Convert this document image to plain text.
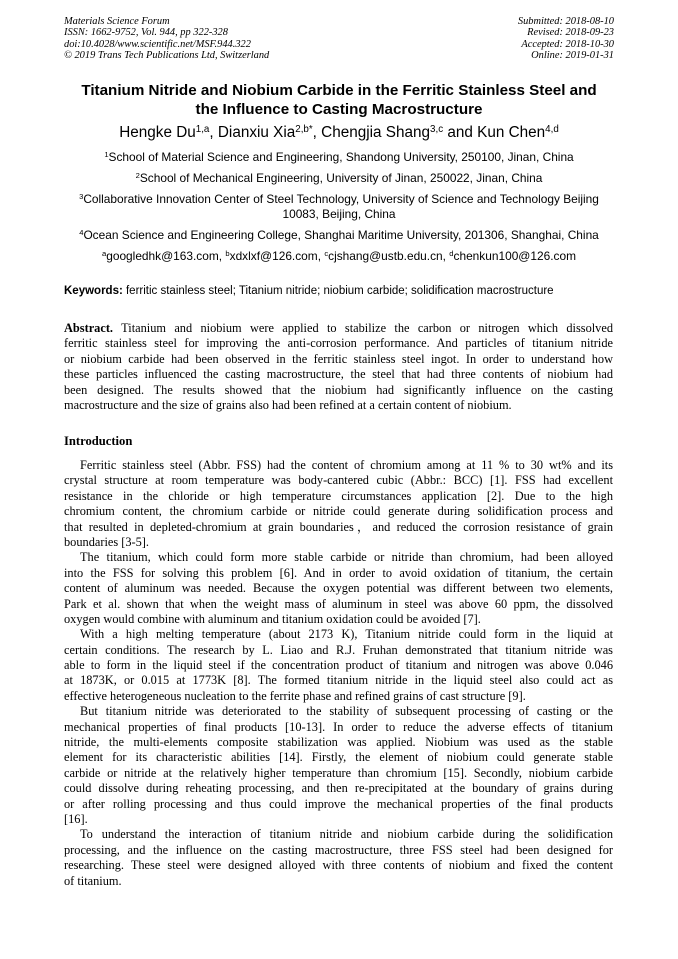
Materials Science Forum
ISSN: 1662-9752, Vol. 944, pp 322-328
doi:10.4028/www.scientific.net/MSF.944.322
© 2019 Trans Tech Publications Ltd, Switzerland
Submitted: 2018-08-10
Revised: 2018-09-23
Accepted: 2018-10-30
Online: 2019-01-31
Titanium Nitride and Niobium Carbide in the Ferritic Stainless Steel and
the Influence to Casting Macrostructure
Hengke Du$^{1,a}$, Dianxiu Xia$^{2,b*}$, Chengjia Shang$^{3,c}$ and Kun Chen$^{4,d}$
$^1$School of Material Science and Engineering, Shandong University, 250100, Jinan, China
$^2$School of Mechanical Engineering, University of Jinan, 250022, Jinan, China
$^3$Collaborative Innovation Center of Steel Technology, University of Science and Technology Beijing
10083, Beijing, China
$^4$Ocean Science and Engineering College, Shanghai Maritime University, 201306, Shanghai, China
$^a$googledhk@163.com, $^b$xdxlxf@126.com, $^c$cjshang@ustb.edu.cn, $^d$chenkun100@126.com
Keywords: ferritic stainless steel; Titanium nitride; niobium carbide; solidification macrostructure
Abstract. Titanium and niobium were applied to stabilize the carbon or nitrogen which dissolved
ferritic stainless steel for improving the anti-corrosion performance. And particles of titanium nitride
or niobium carbide had been observed in the ferritic stainless steel ingot. In order to understand how
these particles influenced the casting macrostructure, the steel that had three contents of niobium had
been designed. The results showed that the niobium had significantly influence on the casting
macrostructure and the size of grains also had been refined at a certain content of niobium.
Introduction
Ferritic stainless steel (Abbr. FSS) had the content of chromium among at 11 % to 30 wt% and its
crystal structure at room temperature was body-cantered cubic (Abbr.: BCC) [1]. FSS had excellent
resistance in the chloride or high temperature circumstances application [2]. Due to the high
chromium content, the chromium carbide or nitride could generate during solidification process and
that resulted in depleted-chromium at grain boundaries，and reduced the corrosion resistance of grain
boundaries [3-5].
The titanium, which could form more stable carbide or nitride than chromium, had been alloyed
into the FSS for solving this problem [6]. And in order to avoid oxidation of titanium, the certain
content of aluminum was needed. Because the oxygen potential was different between two elements,
Park et al. shown that when the weight mass of aluminum in steel was above 60 ppm, the dissolved
oxygen would combine with aluminum and titanium oxidation could be avoided [7].
With a high melting temperature (about 2173 K), Titanium nitride could form in the liquid at
certain conditions. The research by L. Liao and R.J. Fruhan demonstrated that titanium nitride was
able to form in the liquid steel if the concentration product of titanium and nitrogen was above 0.046
at 1873K, or 0.015 at 1773K [8]. The formed titanium nitride in the liquid steel also could act as
effective heterogeneous nucleation to the ferrite phase and refined grains of cast structure [9].
But titanium nitride was deteriorated to the stability of subsequent processing of casting or the
mechanical properties of final products [10-13]. In order to reduce the adverse effects of titanium
nitride, the multi-elements composite stabilization was applied. Niobium was used as the stable
element for its characteristic abilities [14]. Firstly, the element of niobium could generate stable
carbide or nitride at the relatively higher temperature than chromium [15]. Secondly, niobium carbide
could dissolve during reheating processing, and then re-precipitated at the boundary of grains during
or after rolling processing and thus could improve the mechanical properties of the final products
[16].
To understand the interaction of titanium nitride and niobium carbide during the solidification
processing, and the influence on the casting macrostructure, three FSS steel had been designed for
researching. These steel were designed alloyed with three contents of niobium and fixed the content
of titanium.
